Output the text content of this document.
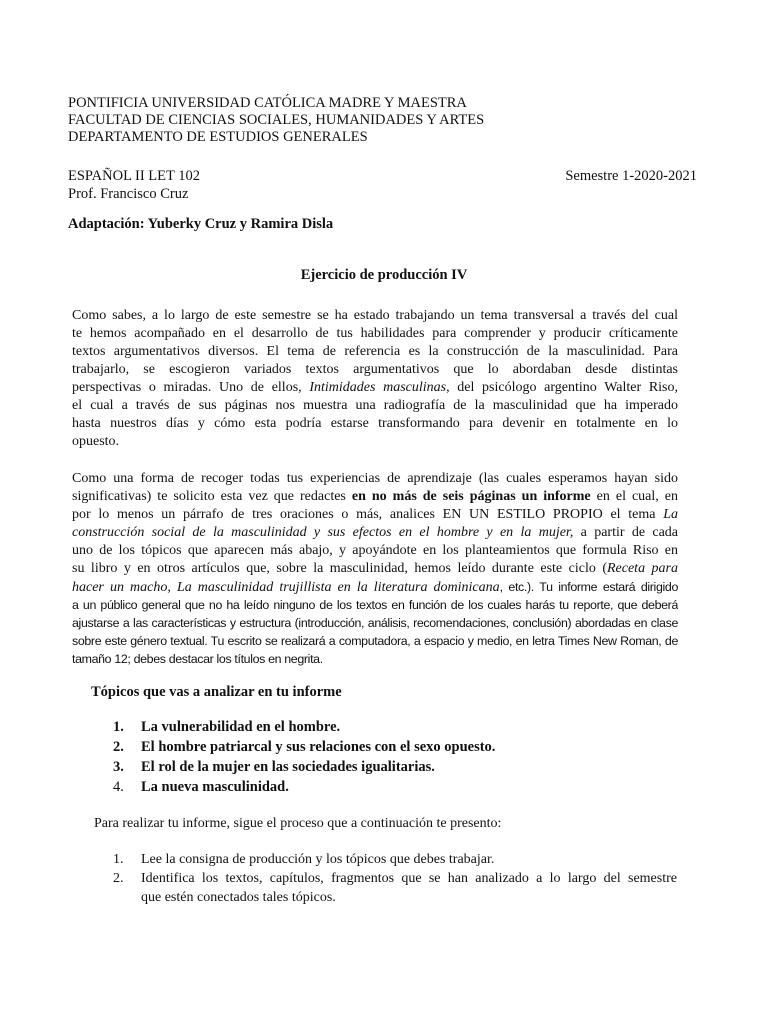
PONTIFICIA UNIVERSIDAD CATÓLICA MADRE Y MAESTRA
FACULTAD DE CIENCIAS SOCIALES, HUMANIDADES Y ARTES
DEPARTAMENTO DE ESTUDIOS GENERALES
ESPAÑOL II LET 102	Semestre 1-2020-2021
Prof. Francisco Cruz
Adaptación: Yuberky Cruz y Ramira Disla
Ejercicio de producción IV
Como sabes, a lo largo de este semestre se ha estado trabajando un tema transversal a través del cual
te hemos acompañado en el desarrollo de tus habilidades para comprender y producir críticamente
textos argumentativos diversos. El tema de referencia es la construcción de la masculinidad. Para
trabajarlo, se escogieron variados textos argumentativos que lo abordaban desde distintas
perspectivas o miradas. Uno de ellos, Intimidades masculinas, del psicólogo argentino Walter Riso,
el cual a través de sus páginas nos muestra una radiografía de la masculinidad que ha imperado
hasta nuestros días y cómo esta podría estarse transformando para devenir en totalmente en lo
opuesto.
Como una forma de recoger todas tus experiencias de aprendizaje (las cuales esperamos hayan sido
significativas) te solicito esta vez que redactes en no más de seis páginas un informe en el cual, en
por lo menos un párrafo de tres oraciones o más, analices EN UN ESTILO PROPIO el tema La
construcción social de la masculinidad y sus efectos en el hombre y en la mujer, a partir de cada
uno de los tópicos que aparecen más abajo, y apoyándote en los planteamientos que formula Riso en
su libro y en otros artículos que, sobre la masculinidad, hemos leído durante este ciclo (Receta para
hacer un macho, La masculinidad trujillista en la literatura dominicana, etc.). Tu informe estará dirigido
a un público general que no ha leído ninguno de los textos en función de los cuales harás tu reporte, que deberá
ajustarse a las características y estructura (introducción, análisis, recomendaciones, conclusión) abordadas en clase
sobre este género textual. Tu escrito se realizará a computadora, a espacio y medio, en letra Times New Roman, de
tamaño 12; debes destacar los títulos en negrita.
Tópicos que vas a analizar en tu informe
1. La vulnerabilidad en el hombre.
2. El hombre patriarcal y sus relaciones con el sexo opuesto.
3. El rol de la mujer en las sociedades igualitarias.
4. La nueva masculinidad.
Para realizar tu informe, sigue el proceso que a continuación te presento:
1. Lee la consigna de producción y los tópicos que debes trabajar.
2. Identifica los textos, capítulos, fragmentos que se han analizado a lo largo del semestre
que estén conectados tales tópicos.
